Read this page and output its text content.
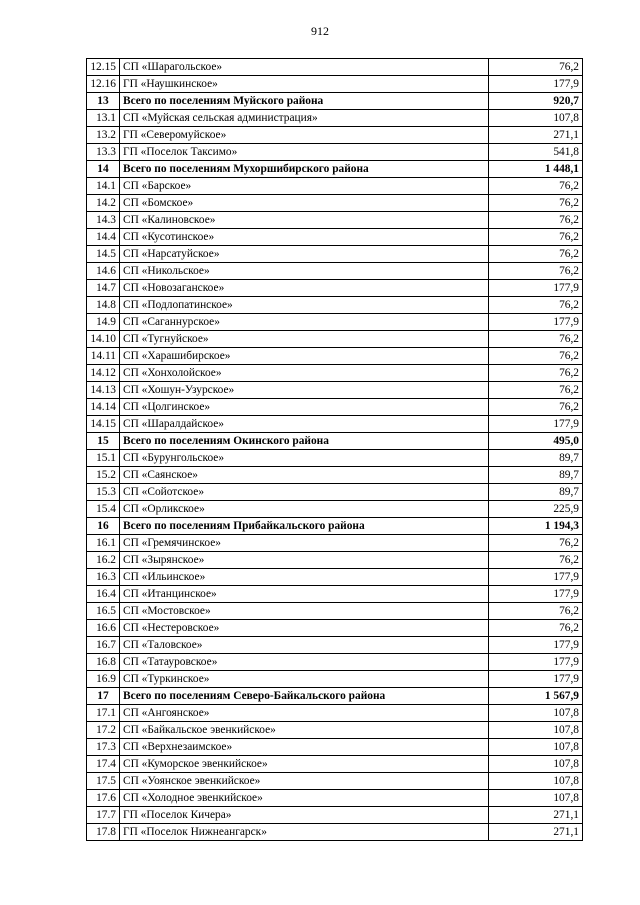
912
12.15	СП «Шарагольское»	76,2
12.16	ГП «Наушкинское»	177,9
13	Всего по поселениям Муйского района	920,7
13.1	СП «Муйская сельская администрация»	107,8
13.2	ГП «Северомуйское»	271,1
13.3	ГП «Поселок Таксимо»	541,8
14	Всего по поселениям Мухоршибирского района	1 448,1
14.1	СП «Барское»	76,2
14.2	СП «Бомское»	76,2
14.3	СП «Калиновское»	76,2
14.4	СП «Кусотинское»	76,2
14.5	СП «Нарсатуйское»	76,2
14.6	СП «Никольское»	76,2
14.7	СП «Новозаганское»	177,9
14.8	СП «Подлопатинское»	76,2
14.9	СП «Саганнурское»	177,9
14.10	СП «Тугнуйское»	76,2
14.11	СП «Харашибирское»	76,2
14.12	СП «Хонхолойское»	76,2
14.13	СП «Хошун-Узурское»	76,2
14.14	СП «Цолгинское»	76,2
14.15	СП «Шаралдайское»	177,9
15	Всего по поселениям Окинского района	495,0
15.1	СП «Бурунгольское»	89,7
15.2	СП «Саянское»	89,7
15.3	СП «Сойотское»	89,7
15.4	СП «Орликское»	225,9
16	Всего по поселениям Прибайкальского района	1 194,3
16.1	СП «Гремячинское»	76,2
16.2	СП «Зырянское»	76,2
16.3	СП «Ильинское»	177,9
16.4	СП «Итанцинское»	177,9
16.5	СП «Мостовское»	76,2
16.6	СП «Нестеровское»	76,2
16.7	СП «Таловское»	177,9
16.8	СП «Татауровское»	177,9
16.9	СП «Туркинское»	177,9
17	Всего по поселениям Северо-Байкальского района	1 567,9
17.1	СП «Ангоянское»	107,8
17.2	СП «Байкальское эвенкийское»	107,8
17.3	СП «Верхнезаимское»	107,8
17.4	СП «Куморское эвенкийское»	107,8
17.5	СП «Уоянское эвенкийское»	107,8
17.6	СП «Холодное эвенкийское»	107,8
17.7	ГП «Поселок Кичера»	271,1
17.8	ГП «Поселок Нижнеангарск»	271,1
